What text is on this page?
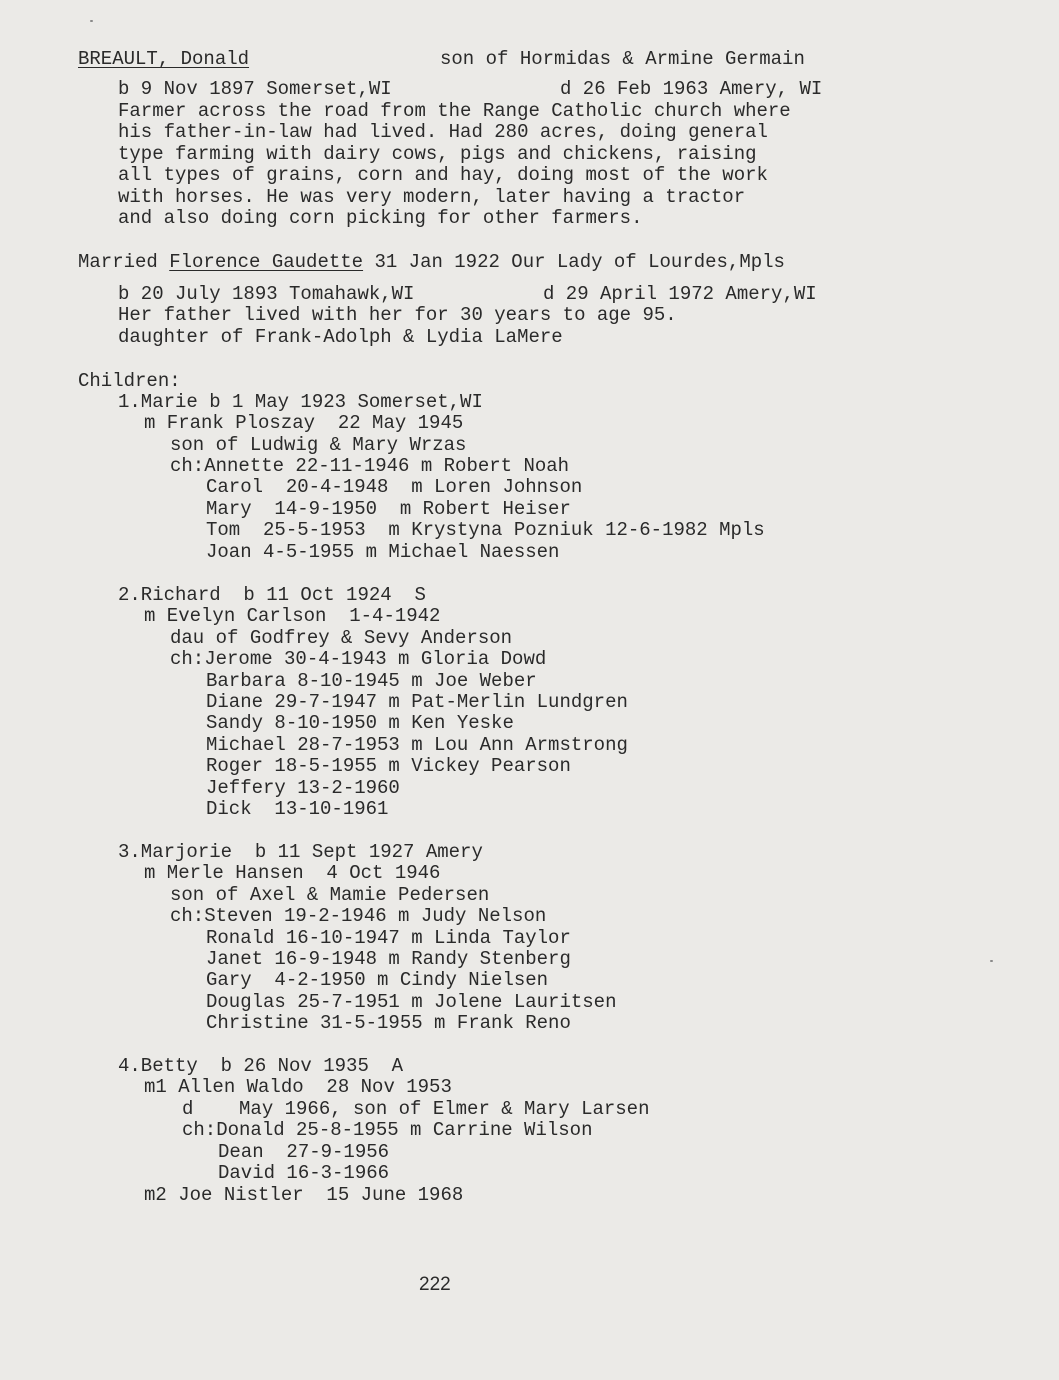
BREAULT, Donald	son of Hormidas & Armine Germain
b 9 Nov 1897 Somerset,WI	d 26 Feb 1963 Amery, WI
Farmer across the road from the Range Catholic church where
his father-in-law had lived. Had 280 acres, doing general
type farming with dairy cows, pigs and chickens, raising
all types of grains, corn and hay, doing most of the work
with horses. He was very modern, later having a tractor
and also doing corn picking for other farmers.
Married Florence Gaudette 31 Jan 1922 Our Lady of Lourdes,Mpls
b 20 July 1893 Tomahawk,WI	d 29 April 1972 Amery,WI
Her father lived with her for 30 years to age 95.
daughter of Frank-Adolph & Lydia LaMere
Children:
1.Marie b 1 May 1923 Somerset,WI
m Frank Ploszay  22 May 1945
son of Ludwig & Mary Wrzas
ch:Annette 22-11-1946 m Robert Noah
Carol  20-4-1948  m Loren Johnson
Mary  14-9-1950  m Robert Heiser
Tom  25-5-1953  m Krystyna Pozniuk 12-6-1982 Mpls
Joan 4-5-1955 m Michael Naessen
2.Richard  b 11 Oct 1924  S
m Evelyn Carlson  1-4-1942
dau of Godfrey & Sevy Anderson
ch:Jerome 30-4-1943 m Gloria Dowd
Barbara 8-10-1945 m Joe Weber
Diane 29-7-1947 m Pat-Merlin Lundgren
Sandy 8-10-1950 m Ken Yeske
Michael 28-7-1953 m Lou Ann Armstrong
Roger 18-5-1955 m Vickey Pearson
Jeffery 13-2-1960
Dick  13-10-1961
3.Marjorie  b 11 Sept 1927 Amery
m Merle Hansen  4 Oct 1946
son of Axel & Mamie Pedersen
ch:Steven 19-2-1946 m Judy Nelson
Ronald 16-10-1947 m Linda Taylor
Janet 16-9-1948 m Randy Stenberg
Gary  4-2-1950 m Cindy Nielsen
Douglas 25-7-1951 m Jolene Lauritsen
Christine 31-5-1955 m Frank Reno
4.Betty  b 26 Nov 1935  A
m1 Allen Waldo  28 Nov 1953
d    May 1966, son of Elmer & Mary Larsen
ch:Donald 25-8-1955 m Carrine Wilson
Dean  27-9-1956
David 16-3-1966
m2 Joe Nistler  15 June 1968
222
